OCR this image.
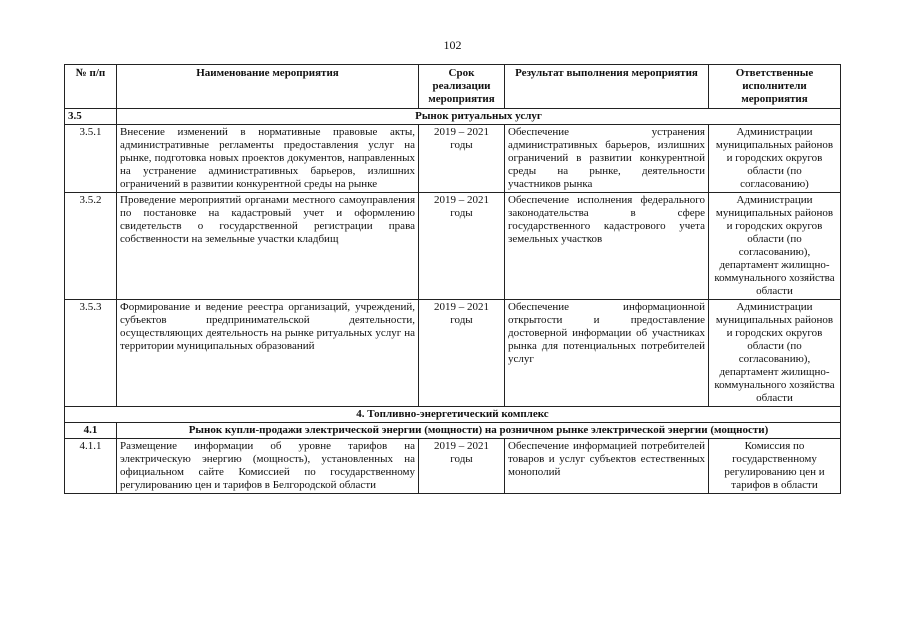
102
№ п/п	Наименование мероприятия	Срок реализации мероприятия	Результат выполнения мероприятия	Ответственные исполнители мероприятия
3.5	Рынок ритуальных услуг			
3.5.1	Внесение изменений в нормативные правовые акты, административные регламенты предоставления услуг на рынке, подготовка новых проектов документов, направленных на устранение административных барьеров, излишних ограничений в развитии конкурентной среды на рынке	2019 – 2021 годы	Обеспечение устранения административных барьеров, излишних ограничений в развитии конкурентной среды на рынке, деятельности участников рынка	Администрации муниципальных районов и городских округов области (по согласованию)
3.5.2	Проведение мероприятий органами местного самоуправления по постановке на кадастровый учет и оформлению свидетельств о государственной регистрации права собственности на земельные участки кладбищ	2019 – 2021 годы	Обеспечение исполнения федерального законодательства в сфере государственного кадастрового учета земельных участков	Администрации муниципальных районов и городских округов области (по согласованию), департамент жилищно-коммунального хозяйства области
3.5.3	Формирование и ведение реестра организаций, учреждений, субъектов предпринимательской деятельности, осуществляющих деятельность на рынке ритуальных услуг на территории муниципальных образований	2019 – 2021 годы	Обеспечение информационной открытости и предоставление достоверной информации об участниках рынка для потенциальных потребителей услуг	Администрации муниципальных районов и городских округов области (по согласованию), департамент жилищно-коммунального хозяйства области
4. Топливно-энергетический комплекс				
4.1	Рынок купли-продажи электрической энергии (мощности) на розничном рынке электрической энергии (мощности)			
4.1.1	Размещение информации об уровне тарифов на электрическую энергию (мощность), установленных на официальном сайте Комиссией по государственному регулированию цен и тарифов в Белгородской области	2019 – 2021 годы	Обеспечение информацией потребителей товаров и услуг субъектов естественных монополий	Комиссия по государственному регулированию цен и тарифов в области
